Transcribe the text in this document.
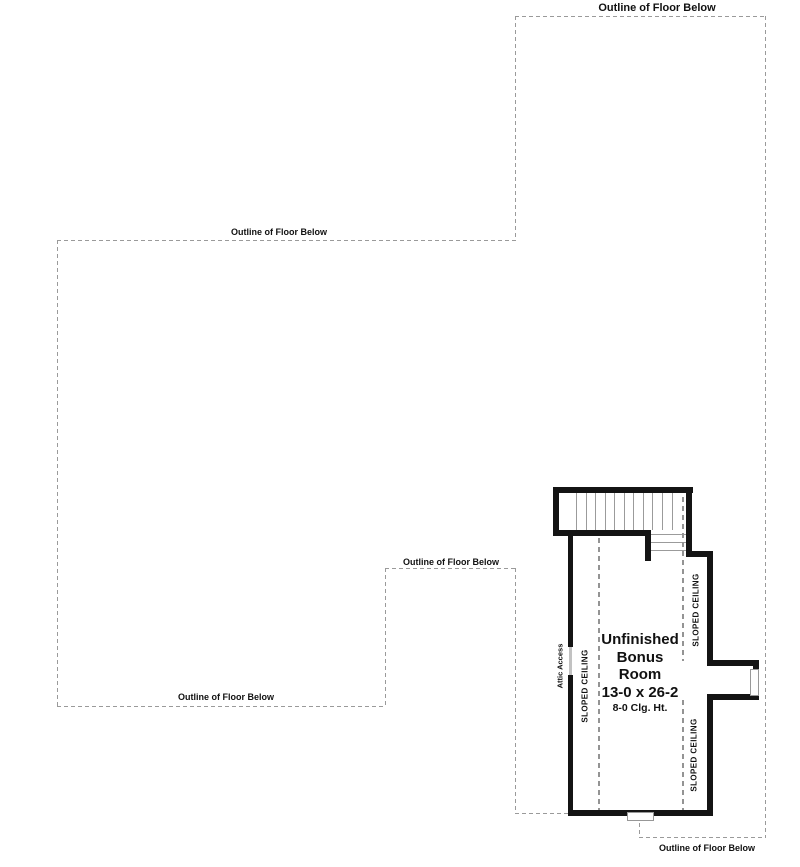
Outline of Floor Below
Outline of Floor Below
Outline of Floor Below
Outline of Floor Below
Outline of Floor Below
Attic Access SLOPED CEILING
SLOPED CEILING
SLOPED CEILING
Unfinished
Bonus
Room
13-0 x 26-2
8-0 Clg. Ht.
